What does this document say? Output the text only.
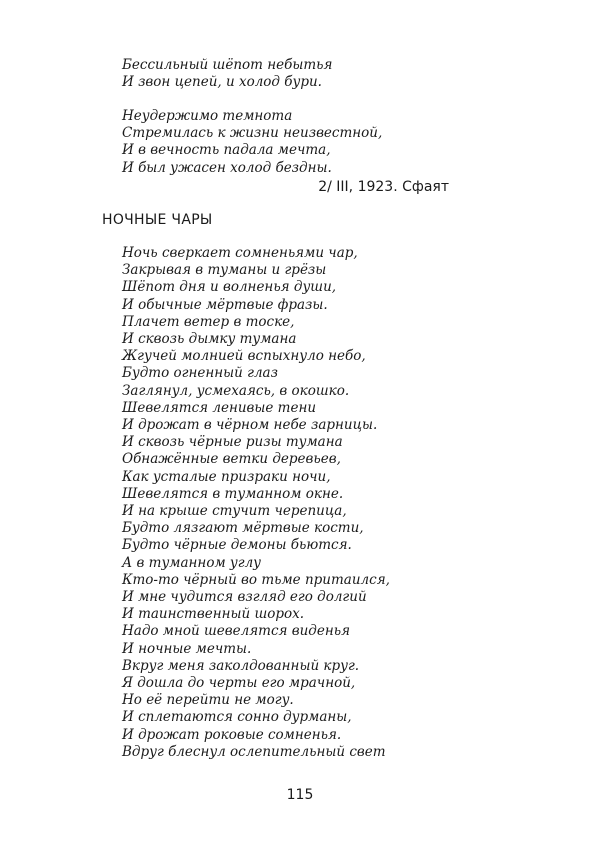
Бессильный шёпот небытья
И звон цепей, и холод бури.
Неудержимо темнота
Стремилась к жизни неизвестной,
И в вечность падала мечта,
И был ужасен холод бездны.
2/ III, 1923. Сфаят
НОЧНЫЕ ЧАРЫ
Ночь сверкает сомненьями чар,
Закрывая в туманы и грёзы
Шёпот дня и волненья души,
И обычные мёртвые фразы.
Плачет ветер в тоске,
И сквозь дымку тумана
Жгучей молнией вспыхнуло небо,
Будто огненный глаз
Заглянул, усмехаясь, в окошко.
Шевелятся ленивые тени
И дрожат в чёрном небе зарницы.
И сквозь чёрные ризы тумана
Обнажённые ветки деревьев,
Как усталые призраки ночи,
Шевелятся в туманном окне.
И на крыше стучит черепица,
Будто лязгают мёртвые кости,
Будто чёрные демоны бьются.
А в туманном углу
Кто-то чёрный во тьме притаился,
И мне чудится взгляд его долгий
И таинственный шорох.
Надо мной шевелятся виденья
И ночные мечты.
Вкруг меня заколдованный круг.
Я дошла до черты его мрачной,
Но её перейти не могу.
И сплетаются сонно дурманы,
И дрожат роковые сомненья.
Вдруг блеснул ослепительный свет
115
